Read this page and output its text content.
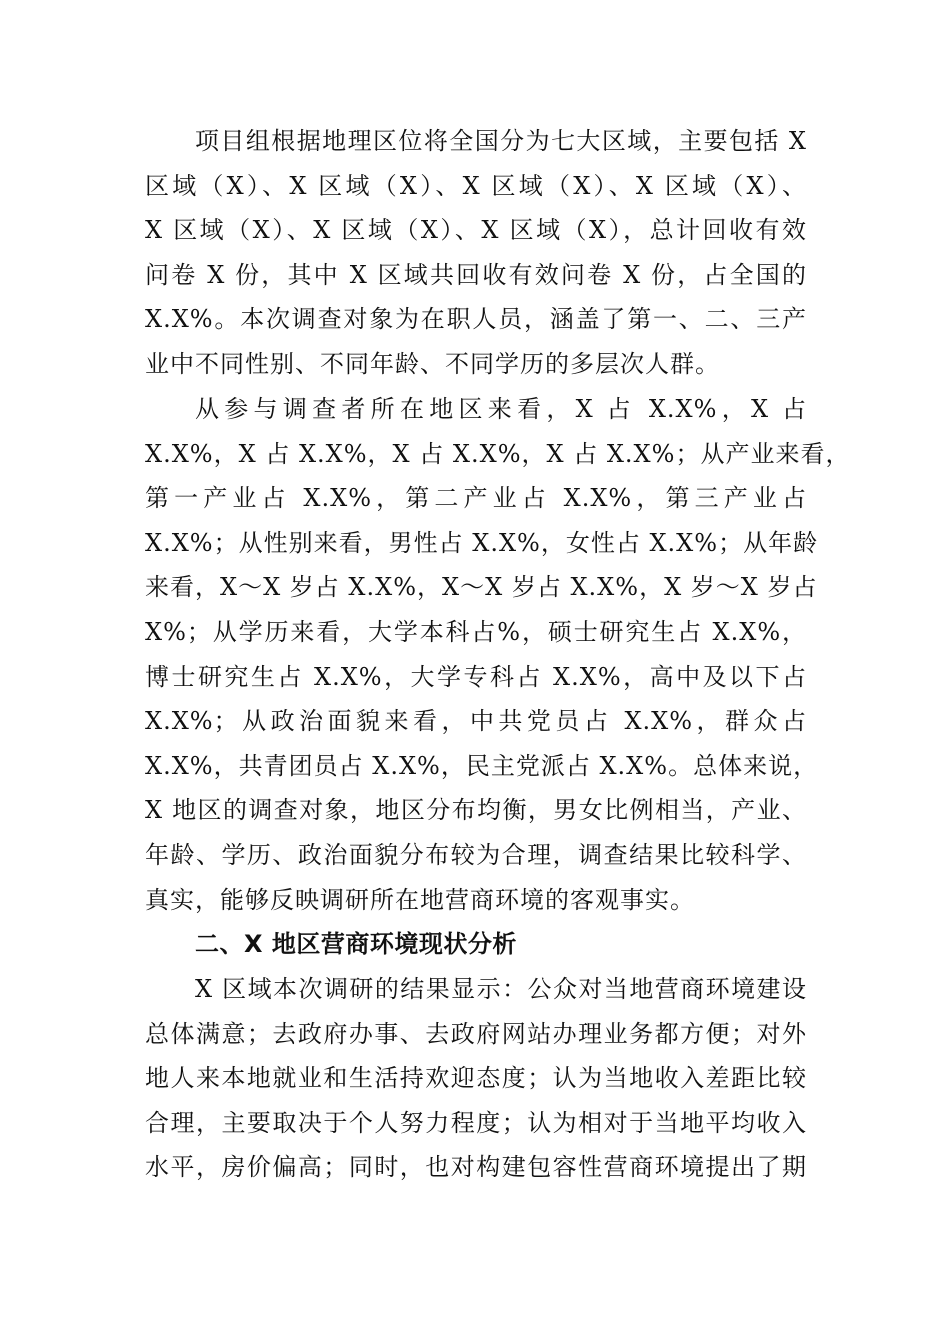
项目组根据地理区位将全国分为七大区域，主要包括 X
区域（X）、X 区域（X）、X 区域（X）、X 区域（X）、
X 区域（X）、X 区域（X）、X 区域（X），总计回收有效
问卷 X 份，其中 X 区域共回收有效问卷 X 份，占全国的
X.X%。本次调查对象为在职人员，涵盖了第一、二、三产
业中不同性别、不同年龄、不同学历的多层次人群。
从参与调查者所在地区来看，X 占 X.X%，X 占
X.X%，X 占 X.X%，X 占 X.X%，X 占 X.X%；从产业来看，
第一产业占 X.X%，第二产业占 X.X%，第三产业占
X.X%；从性别来看，男性占 X.X%，女性占 X.X%；从年龄
来看，X～X 岁占 X.X%，X～X 岁占 X.X%，X 岁～X 岁占
X%；从学历来看，大学本科占%，硕士研究生占 X.X%，
博士研究生占 X.X%，大学专科占 X.X%，高中及以下占
X.X%；从政治面貌来看，中共党员占 X.X%，群众占
X.X%，共青团员占 X.X%，民主党派占 X.X%。总体来说，
X 地区的调查对象，地区分布均衡，男女比例相当，产业、
年龄、学历、政治面貌分布较为合理，调查结果比较科学、
真实，能够反映调研所在地营商环境的客观事实。
二、X 地区营商环境现状分析
X 区域本次调研的结果显示：公众对当地营商环境建设
总体满意；去政府办事、去政府网站办理业务都方便；对外
地人来本地就业和生活持欢迎态度；认为当地收入差距比较
合理，主要取决于个人努力程度；认为相对于当地平均收入
水平，房价偏高；同时，也对构建包容性营商环境提出了期
